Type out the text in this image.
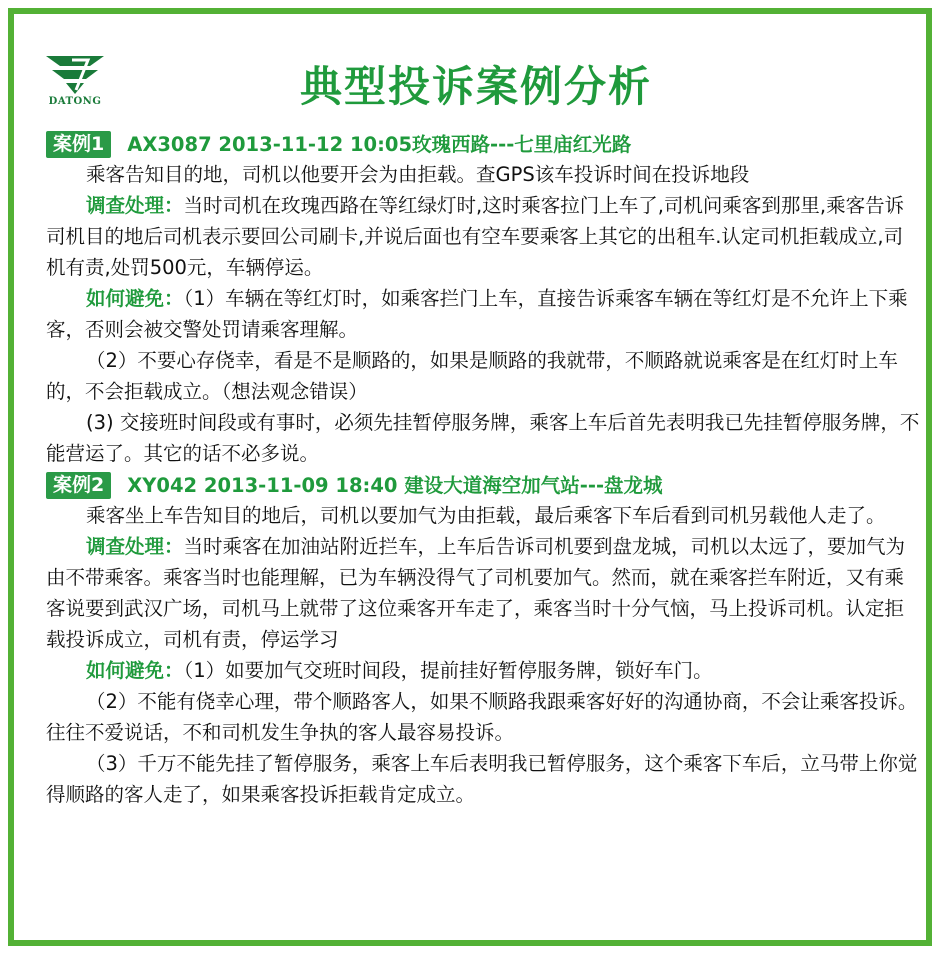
DATONG	典型投诉案例分析
案例1 AX3087 2013-11-12 10:05玫瑰西路---七里庙红光路

乘客告知目的地，司机以他要开会为由拒载。查GPS该车投诉时间在投诉地段

调查处理：当时司机在玫瑰西路在等红绿灯时,这时乘客拉门上车了,司机问乘客到那里,乘客告诉司机目的地后司机表示要回公司刷卡,并说后面也有空车要乘客上其它的出租车.认定司机拒载成立,司机有责,处罚500元，车辆停运。

如何避免：（1）车辆在等红灯时，如乘客拦门上车，直接告诉乘客车辆在等红灯是不允许上下乘客，否则会被交警处罚请乘客理解。

（2）不要心存侥幸，看是不是顺路的，如果是顺路的我就带，不顺路就说乘客是在红灯时上车的，不会拒载成立。（想法观念错误）

(3) 交接班时间段或有事时，必须先挂暂停服务牌，乘客上车后首先表明我已先挂暂停服务牌，不能营运了。其它的话不必多说。

案例2 XY042 2013-11-09 18:40 建设大道海空加气站---盘龙城

乘客坐上车告知目的地后，司机以要加气为由拒载，最后乘客下车后看到司机另载他人走了。

调查处理：当时乘客在加油站附近拦车，上车后告诉司机要到盘龙城，司机以太远了，要加气为由不带乘客。乘客当时也能理解，已为车辆没得气了司机要加气。然而，就在乘客拦车附近，又有乘客说要到武汉广场，司机马上就带了这位乘客开车走了，乘客当时十分气恼，马上投诉司机。认定拒载投诉成立，司机有责，停运学习

如何避免：（1）如要加气交班时间段，提前挂好暂停服务牌，锁好车门。

（2）不能有侥幸心理，带个顺路客人，如果不顺路我跟乘客好好的沟通协商，不会让乘客投诉。往往不爱说话，不和司机发生争执的客人最容易投诉。

（3）千万不能先挂了暂停服务，乘客上车后表明我已暂停服务，这个乘客下车后，立马带上你觉得顺路的客人走了，如果乘客投诉拒载肯定成立。
